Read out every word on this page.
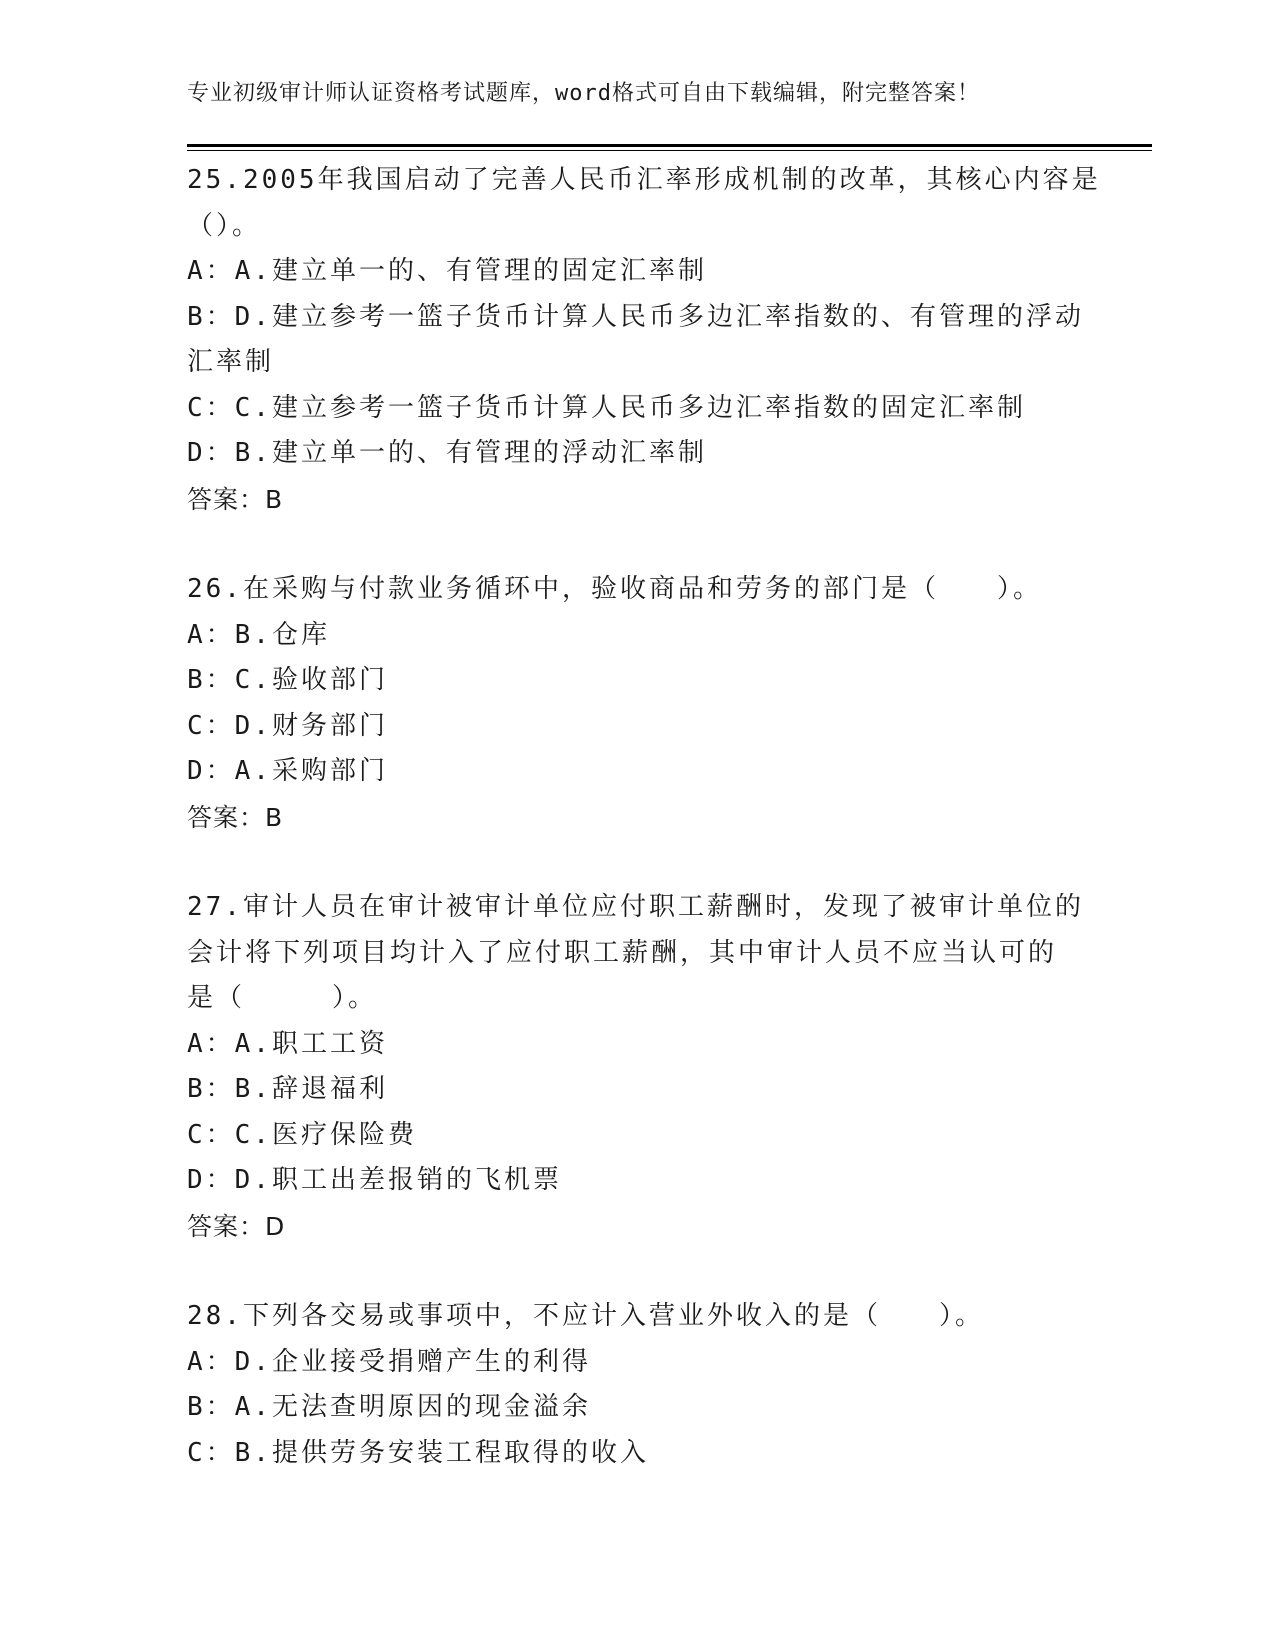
专业初级审计师认证资格考试题库，word格式可自由下载编辑，附完整答案！
25.2005年我国启动了完善人民币汇率形成机制的改革，其核心内容是
（）。
A：A.建立单一的、有管理的固定汇率制
B：D.建立参考一篮子货币计算人民币多边汇率指数的、有管理的浮动
汇率制
C：C.建立参考一篮子货币计算人民币多边汇率指数的固定汇率制
D：B.建立单一的、有管理的浮动汇率制
答案：B
26.在采购与付款业务循环中，验收商品和劳务的部门是（　　）。
A：B.仓库
B：C.验收部门
C：D.财务部门
D：A.采购部门
答案：B
27.审计人员在审计被审计单位应付职工薪酬时，发现了被审计单位的
会计将下列项目均计入了应付职工薪酬，其中审计人员不应当认可的
是（　　　）。
A：A.职工工资
B：B.辞退福利
C：C.医疗保险费
D：D.职工出差报销的飞机票
答案：D
28.下列各交易或事项中，不应计入营业外收入的是（　　）。
A：D.企业接受捐赠产生的利得
B：A.无法查明原因的现金溢余
C：B.提供劳务安装工程取得的收入
